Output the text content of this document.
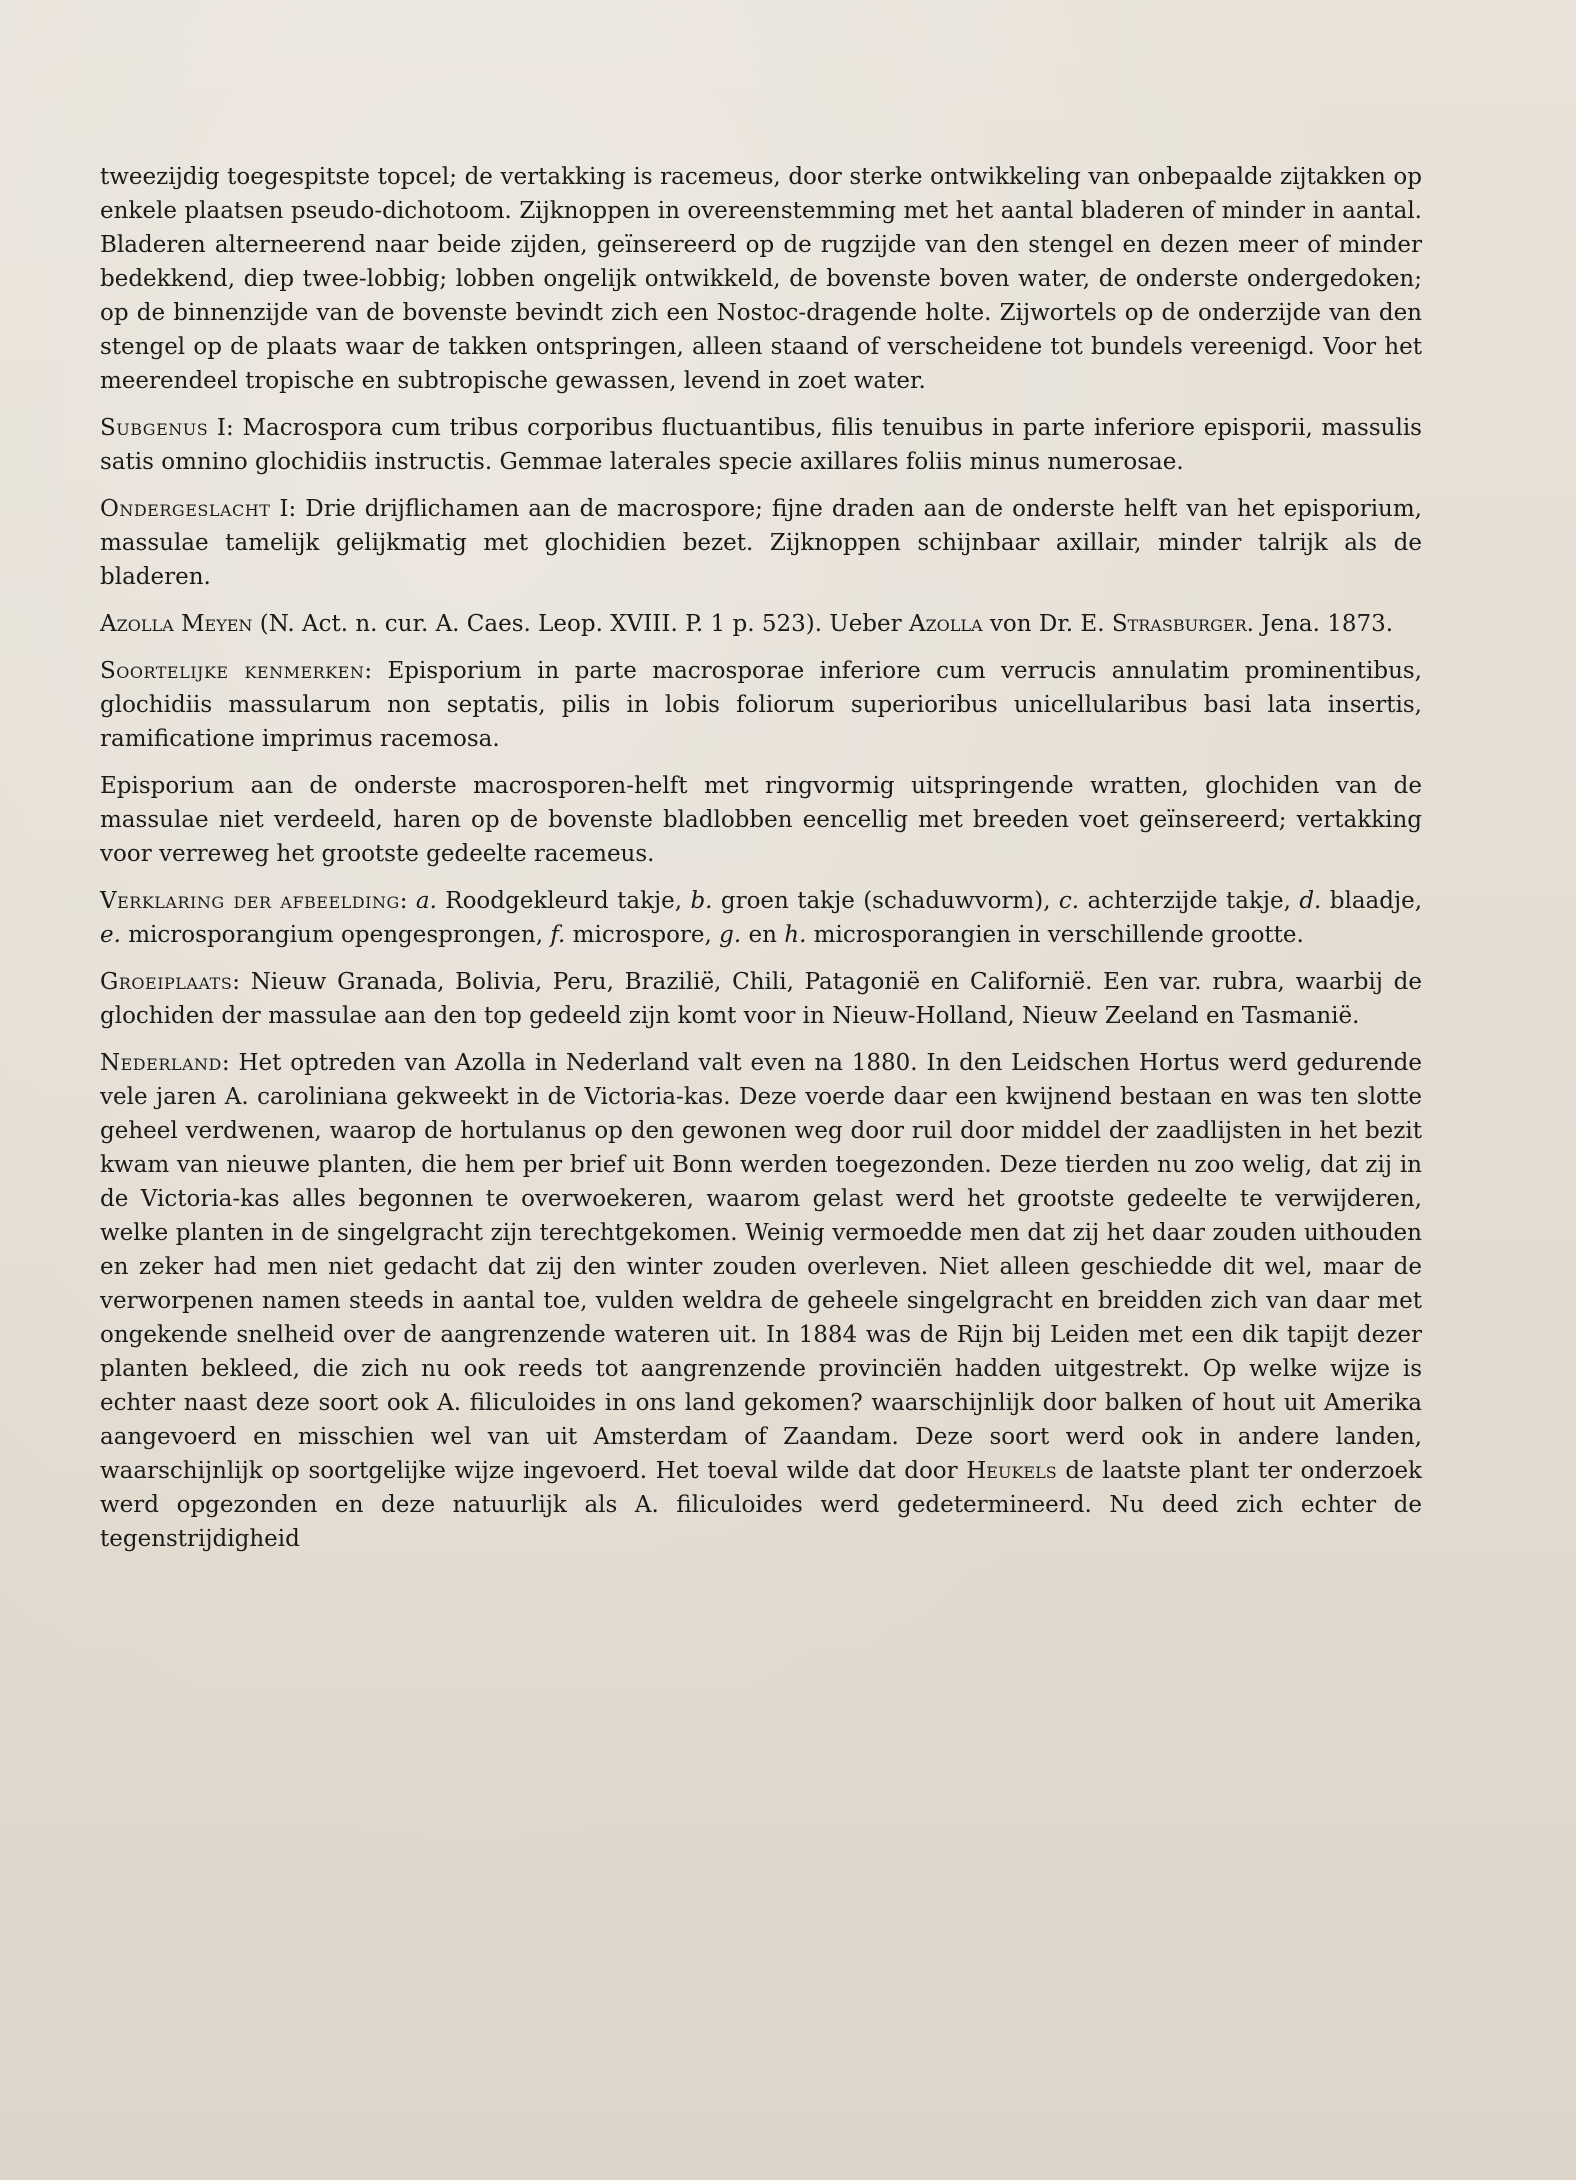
tweezijdig toegespitste topcel; de vertakking is racemeus, door sterke ontwikkeling van onbepaalde zijtakken op enkele plaatsen pseudo-dichotoom. Zijknoppen in overeenstemming met het aantal bladeren of minder in aantal. Bladeren alterneerend naar beide zijden, geïnsereerd op de rugzijde van den stengel en dezen meer of minder bedekkend, diep twee-lobbig; lobben ongelijk ontwikkeld, de bovenste boven water, de onderste ondergedoken; op de binnenzijde van de bovenste bevindt zich een Nostoc-dragende holte. Zijwortels op de onderzijde van den stengel op de plaats waar de takken ontspringen, alleen staand of verscheidene tot bundels vereenigd. Voor het meerendeel tropische en subtropische gewassen, levend in zoet water.

Subgenus I: Macrospora cum tribus corporibus fluctuantibus, filis tenuibus in parte inferiore episporii, massulis satis omnino glochidiis instructis. Gemmae laterales specie axillares foliis minus numerosae.

Ondergeslacht I: Drie drijflichamen aan de macrospore; fijne draden aan de onderste helft van het episporium, massulae tamelijk gelijkmatig met glochidien bezet. Zijknoppen schijnbaar axillair, minder talrijk als de bladeren.

Azolla Meyen (N. Act. n. cur. A. Caes. Leop. XVIII. P. 1 p. 523). Ueber Azolla von Dr. E. Strasburger. Jena. 1873.

Soortelijke kenmerken: Episporium in parte macrosporae inferiore cum verrucis annulatim prominentibus, glochidiis massularum non septatis, pilis in lobis foliorum superioribus unicellularibus basi lata insertis, ramificatione imprimus racemosa.

Episporium aan de onderste macrosporen-helft met ringvormig uitspringende wratten, glochiden van de massulae niet verdeeld, haren op de bovenste bladlobben eencellig met breeden voet geïnsereerd; vertakking voor verreweg het grootste gedeelte racemeus.

Verklaring der afbeelding: a. Roodgekleurd takje, b. groen takje (schaduwvorm), c. achterzijde takje, d. blaadje, e. microsporangium opengesprongen, f. microspore, g. en h. microsporangien in verschillende grootte.

Groeiplaats: Nieuw Granada, Bolivia, Peru, Brazilië, Chili, Patagonië en Californië. Een var. rubra, waarbij de glochiden der massulae aan den top gedeeld zijn komt voor in Nieuw-Holland, Nieuw Zeeland en Tasmanië.

Nederland: Het optreden van Azolla in Nederland valt even na 1880. In den Leidschen Hortus werd gedurende vele jaren A. caroliniana gekweekt in de Victoria-kas. Deze voerde daar een kwijnend bestaan en was ten slotte geheel verdwenen, waarop de hortulanus op den gewonen weg door ruil door middel der zaadlijsten in het bezit kwam van nieuwe planten, die hem per brief uit Bonn werden toegezonden. Deze tierden nu zoo welig, dat zij in de Victoria-kas alles begonnen te overwoekeren, waarom gelast werd het grootste gedeelte te verwijderen, welke planten in de singelgracht zijn terechtgekomen. Weinig vermoedde men dat zij het daar zouden uithouden en zeker had men niet gedacht dat zij den winter zouden overleven. Niet alleen geschiedde dit wel, maar de verworpenen namen steeds in aantal toe, vulden weldra de geheele singelgracht en breidden zich van daar met ongekende snelheid over de aangrenzende wateren uit. In 1884 was de Rijn bij Leiden met een dik tapijt dezer planten bekleed, die zich nu ook reeds tot aangrenzende provinciën hadden uitgestrekt. Op welke wijze is echter naast deze soort ook A. filiculoides in ons land gekomen? waarschijnlijk door balken of hout uit Amerika aangevoerd en misschien wel van uit Amsterdam of Zaandam. Deze soort werd ook in andere landen, waarschijnlijk op soortgelijke wijze ingevoerd. Het toeval wilde dat door Heukels de laatste plant ter onderzoek werd opgezonden en deze natuurlijk als A. filiculoides werd gedetermineerd. Nu deed zich echter de tegenstrijdigheid
